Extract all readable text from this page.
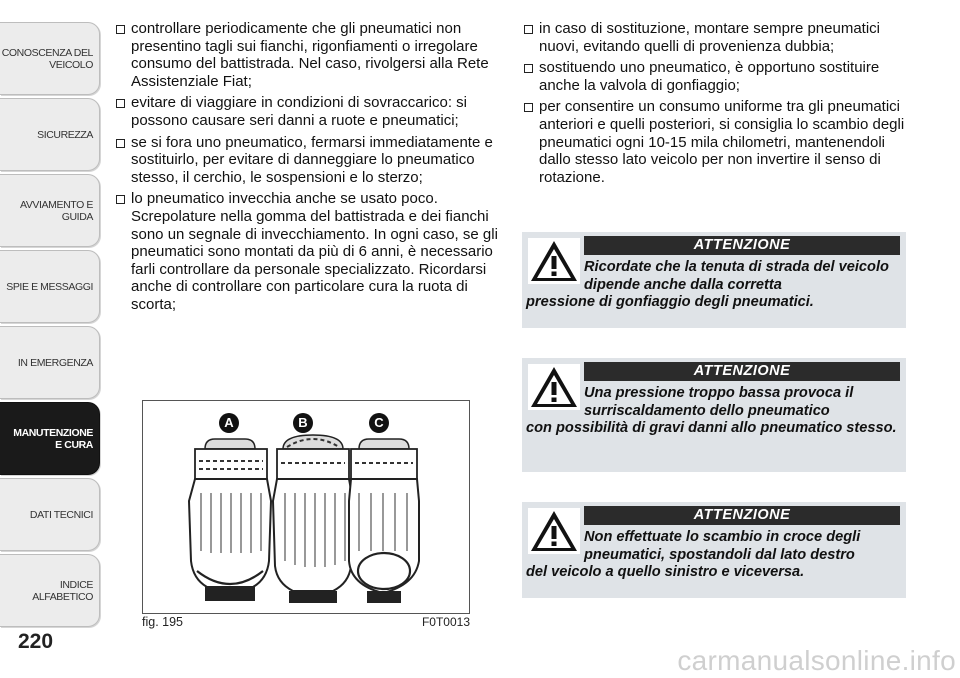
CONOSCENZA DEL VEICOLO
SICUREZZA
AVVIAMENTO E GUIDA
SPIE E MESSAGGI
IN EMERGENZA
MANUTENZIONE E CURA
DATI TECNICI
INDICE ALFABETICO
220
controllare periodicamente che gli pneumatici non presentino tagli sui fianchi, rigonfiamenti o irregolare consumo del battistrada. Nel caso, rivolgersi alla Rete Assistenziale Fiat;
evitare di viaggiare in condizioni di sovraccarico: si possono causare seri danni a ruote e pneumatici;
se si fora uno pneumatico, fermarsi immediatamente e sostituirlo, per evitare di danneggiare lo pneumatico stesso, il cerchio, le sospensioni e lo sterzo;
lo pneumatico invecchia anche se usato poco. Screpolature nella gomma del battistrada e dei fianchi sono un segnale di invecchiamento. In ogni caso, se gli pneumatici sono montati da più di 6 anni, è necessario farli controllare da personale specializzato. Ricordarsi anche di controllare con particolare cura la ruota di scorta;
in caso di sostituzione, montare sempre pneumatici nuovi, evitando quelli di provenienza dubbia;
sostituendo uno pneumatico, è opportuno sostituire anche la valvola di gonfiaggio;
per consentire un consumo uniforme tra gli pneumatici anteriori e quelli posteriori, si consiglia lo scambio degli pneumatici ogni 10-15 mila chilometri, mantenendoli dallo stesso lato veicolo per non invertire il senso di rotazione.
ATTENZIONE
Ricordate che la tenuta di strada del veicolo dipende anche dalla corretta
pressione di gonfiaggio degli pneumatici.
ATTENZIONE
Una pressione troppo bassa provoca il surriscaldamento dello pneumatico
con possibilità di gravi danni allo pneumatico stesso.
ATTENZIONE
Non effettuate lo scambio in croce degli pneumatici, spostandoli dal lato destro
del veicolo a quello sinistro e viceversa.
A	B	C
fig. 195	F0T0013
carmanualsonline.info
